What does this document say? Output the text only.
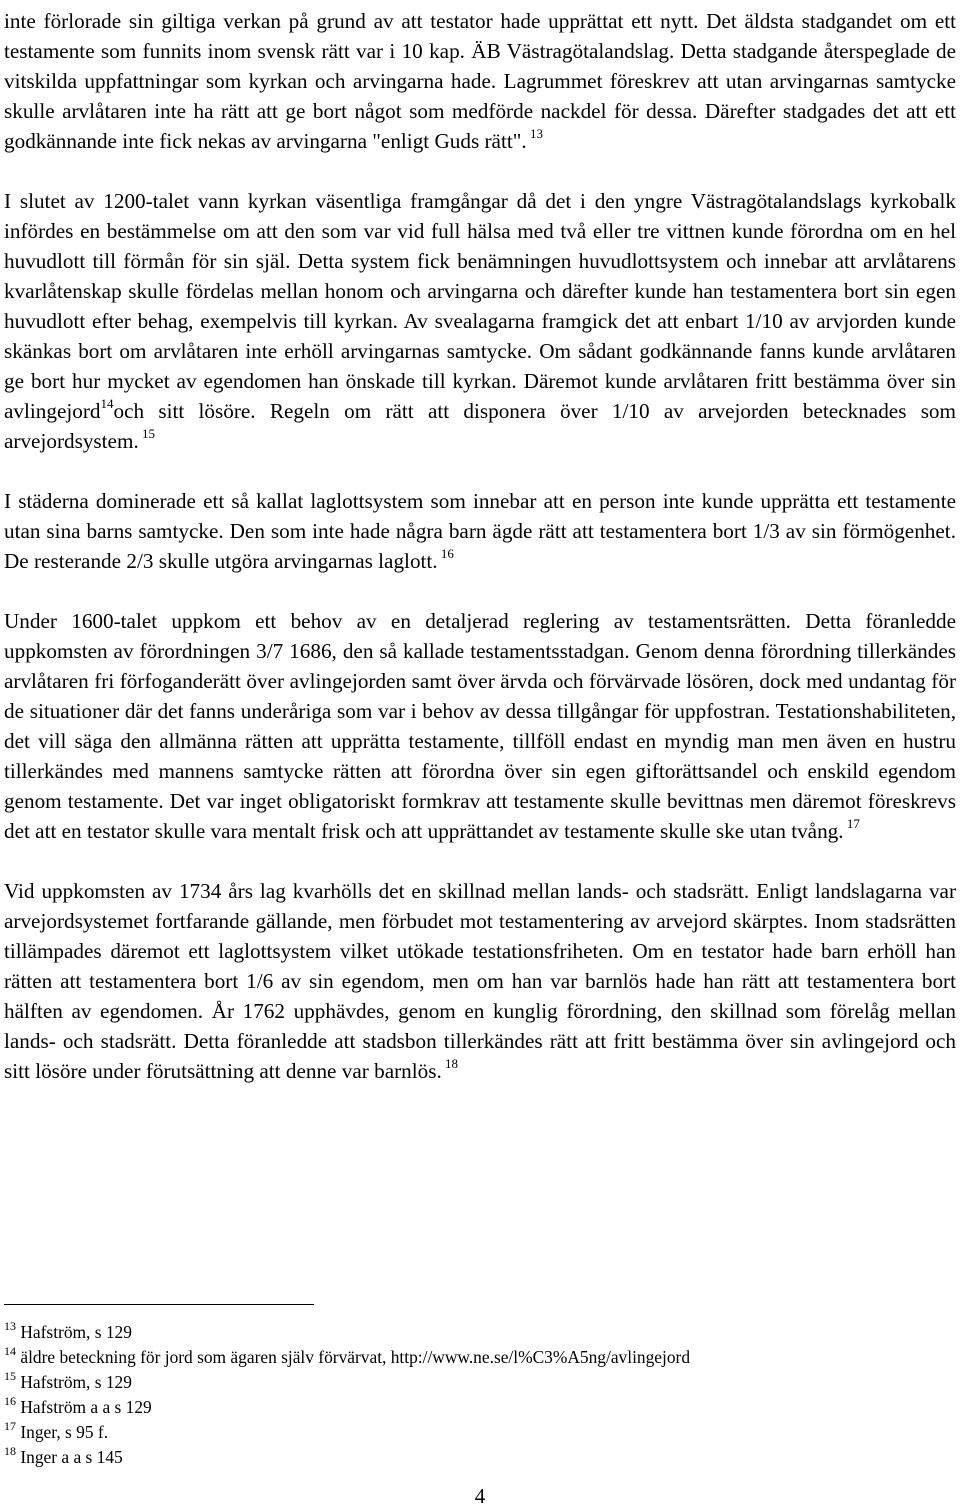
inte förlorade sin giltiga verkan på grund av att testator hade upprättat ett nytt. Det äldsta stadgandet om ett testamente som funnits inom svensk rätt var i 10 kap. ÄB Västragötalandslag. Detta stadgande återspeglade de vitskilda uppfattningar som kyrkan och arvingarna hade. Lagrummet föreskrev att utan arvingarnas samtycke skulle arvlåtaren inte ha rätt att ge bort något som medförde nackdel för dessa. Därefter stadgades det att ett godkännande inte fick nekas av arvingarna "enligt Guds rätt". $^{13}$

I slutet av 1200-talet vann kyrkan väsentliga framgångar då det i den yngre Västragötalandslags kyrkobalk infördes en bestämmelse om att den som var vid full hälsa med två eller tre vittnen kunde förordna om en hel huvudlott till förmån för sin själ. Detta system fick benämningen huvudlottsystem och innebar att arvlåtarens kvarlåtenskap skulle fördelas mellan honom och arvingarna och därefter kunde han testamentera bort sin egen huvudlott efter behag, exempelvis till kyrkan. Av svealagarna framgick det att enbart 1/10 av arvjorden kunde skänkas bort om arvlåtaren inte erhöll arvingarnas samtycke. Om sådant godkännande fanns kunde arvlåtaren ge bort hur mycket av egendomen han önskade till kyrkan. Däremot kunde arvlåtaren fritt bestämma över sin avlingejord$^{14}$och sitt lösöre. Regeln om rätt att disponera över 1/10 av arvejorden betecknades som arvejordsystem. $^{15}$

I städerna dominerade ett så kallat laglottsystem som innebar att en person inte kunde upprätta ett testamente utan sina barns samtycke. Den som inte hade några barn ägde rätt att testamentera bort 1/3 av sin förmögenhet.De resterande 2/3 skulle utgöra arvingarnas laglott. $^{16}$

Under 1600-talet uppkom ett behov av en detaljerad reglering av testamentsrätten. Detta föranledde uppkomsten av förordningen 3/7 1686, den så kallade testamentsstadgan. Genom denna förordning tillerkändes arvlåtaren fri förfoganderätt över avlingejorden samt över ärvda och förvärvade lösören, dock med undantag för de situationer där det fanns underåriga som var i behov av dessa tillgångar för uppfostran. Testationshabiliteten, det vill säga den allmänna rätten att upprätta testamente, tillföll endast en myndig man men även en hustru tillerkändes med mannens samtycke rätten att förordna över sin egen giftorättsandel och enskild egendom genom testamente. Det var inget obligatoriskt formkrav att testamente skulle bevittnas men däremot föreskrevs det att en testator skulle vara mentalt frisk och att upprättandet av testamente skulle ske utan tvång. $^{17}$

Vid uppkomsten av 1734 års lag kvarhölls det en skillnad mellan lands- och stadsrätt. Enligt landslagarna var arvejordsystemet fortfarande gällande, men förbudet mot testamentering av arvejord skärptes. Inom stadsrätten tillämpades däremot ett laglottsystem vilket utökade testationsfriheten. Om en testator hade barn erhöll han rätten att testamentera bort 1/6 av sin egendom, men om han var barnlös hade han rätt att testamentera bort hälften av egendomen. År 1762 upphävdes, genom en kunglig förordning, den skillnad som förelåg mellan lands- och stadsrätt. Detta föranledde att stadsbon tillerkändes rätt att fritt bestämma över sin avlingejord och sitt lösöre under förutsättning att denne var barnlös. $^{18}$

$^{13}$ Hafström, s 129
$^{14}$ äldre beteckning för jord som ägaren själv förvärvat, http://www.ne.se/l%C3%A5ng/avlingejord
$^{15}$ Hafström, s 129
$^{16}$ Hafström a a s 129
$^{17}$ Inger, s 95 f.
$^{18}$ Inger a a s 145
4
